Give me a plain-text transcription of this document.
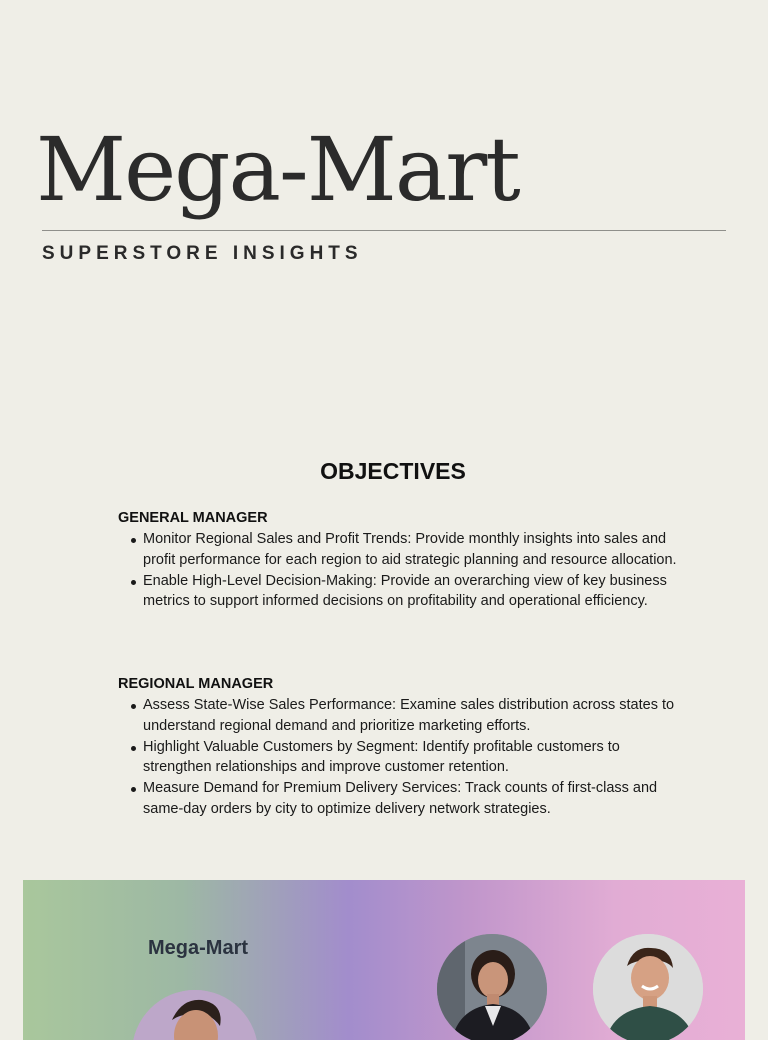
Mega-Mart
SUPERSTORE INSIGHTS
OBJECTIVES
GENERAL MANAGER
Monitor Regional Sales and Profit Trends: Provide monthly insights into sales and profit performance for each region to aid strategic planning and resource allocation.
Enable High-Level Decision-Making: Provide an overarching view of key business metrics to support informed decisions on profitability and operational efficiency.
REGIONAL MANAGER
Assess State-Wise Sales Performance: Examine sales distribution across states to understand regional demand and prioritize marketing efforts.
Highlight Valuable Customers by Segment: Identify profitable customers to strengthen relationships and improve customer retention.
Measure Demand for Premium Delivery Services: Track counts of first-class and same-day orders by city to optimize delivery network strategies.
Mega-Mart
